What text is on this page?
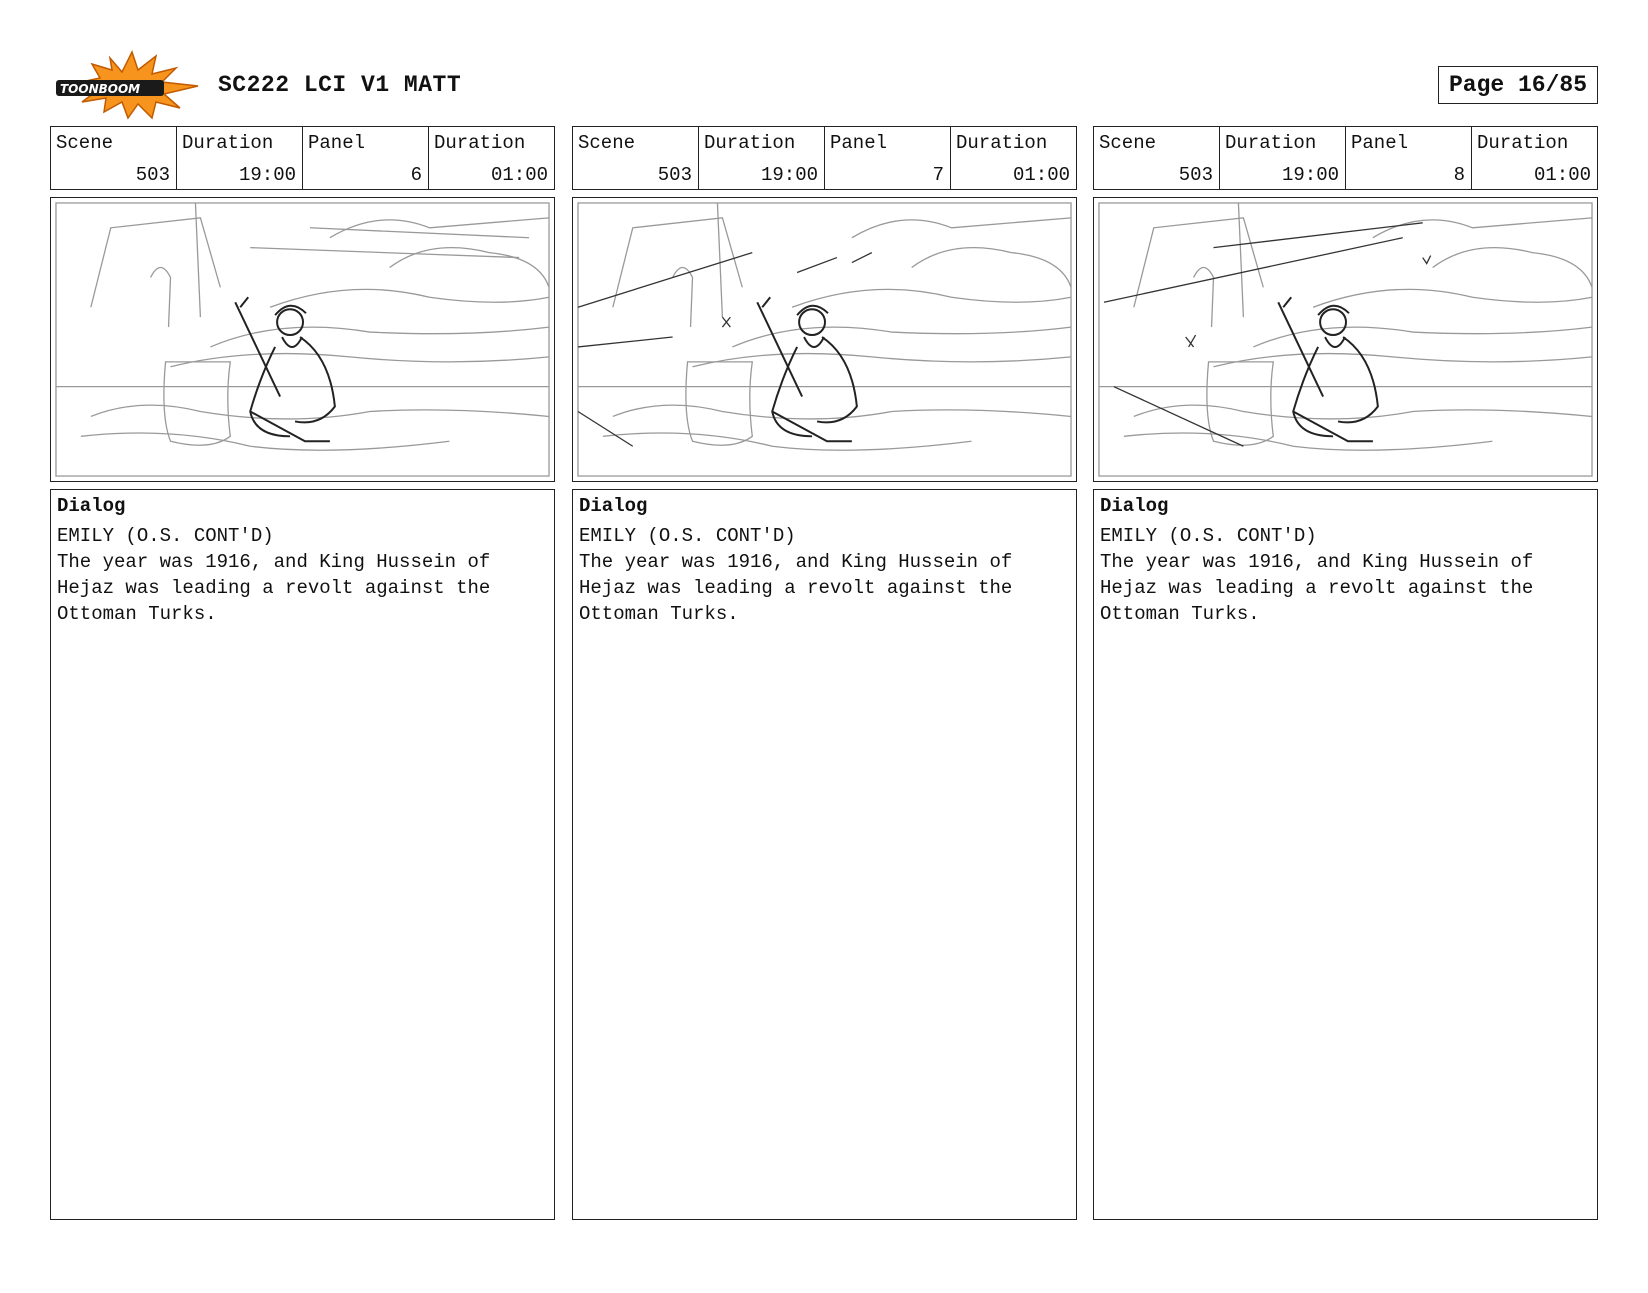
TOONBOOM	SC222 LCI V1 MATT	Page 16/85
Scene
503
Duration
19:00
Panel
6
Duration
01:00
Dialog
EMILY (O.S. CONT'D)
The year was 1916, and King Hussein of Hejaz was leading a revolt against the Ottoman Turks.
Scene
503
Duration
19:00
Panel
7
Duration
01:00
Dialog
EMILY (O.S. CONT'D)
The year was 1916, and King Hussein of Hejaz was leading a revolt against the Ottoman Turks.
Scene
503
Duration
19:00
Panel
8
Duration
01:00
Dialog
EMILY (O.S. CONT'D)
The year was 1916, and King Hussein of Hejaz was leading a revolt against the Ottoman Turks.
